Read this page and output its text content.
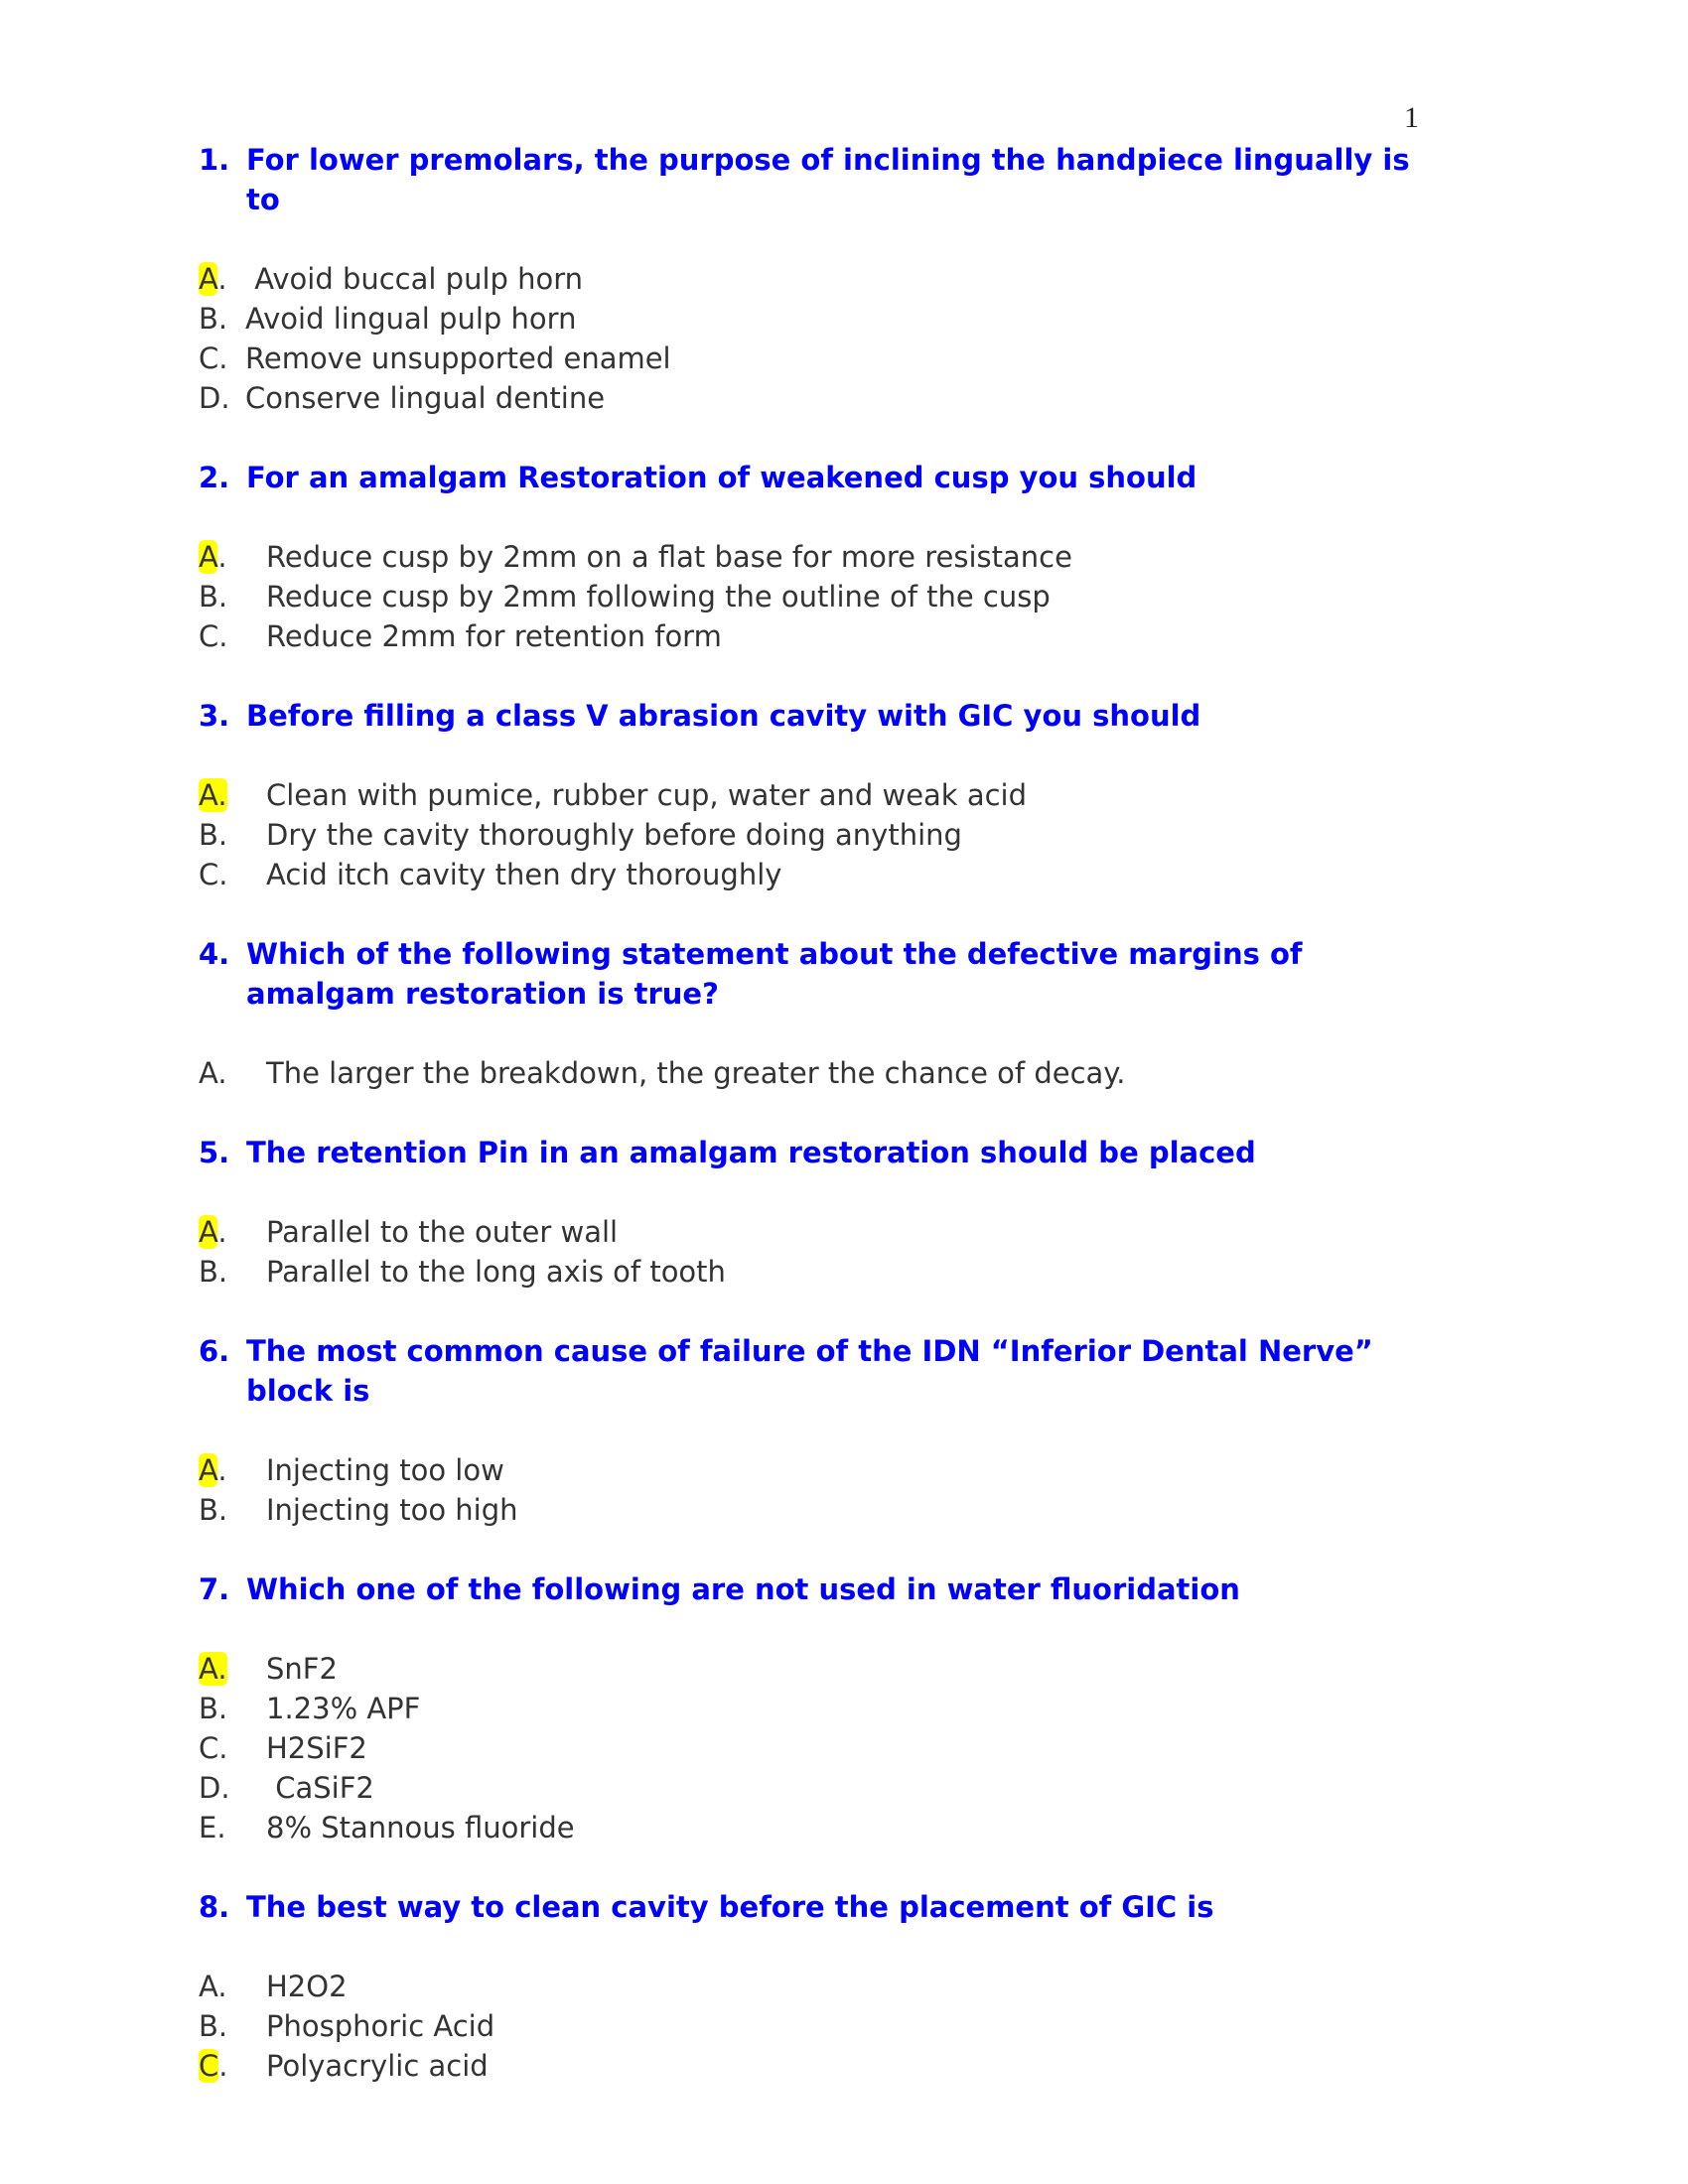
1
1. For lower premolars, the purpose of inclining the handpiece lingually is to
A. Avoid buccal pulp horn
B. Avoid lingual pulp horn
C. Remove unsupported enamel
D. Conserve lingual dentine
2. For an amalgam Restoration of weakened cusp you should
A. Reduce cusp by 2mm on a flat base for more resistance
B. Reduce cusp by 2mm following the outline of the cusp
C. Reduce 2mm for retention form
3. Before filling a class V abrasion cavity with GIC you should
A. Clean with pumice, rubber cup, water and weak acid
B. Dry the cavity thoroughly before doing anything
C. Acid itch cavity then dry thoroughly
4. Which of the following statement about the defective margins of amalgam restoration is true?
A. The larger the breakdown, the greater the chance of decay.
5. The retention Pin in an amalgam restoration should be placed
A. Parallel to the outer wall
B. Parallel to the long axis of tooth
6. The most common cause of failure of the IDN “Inferior Dental Nerve” block is
A. Injecting too low
B. Injecting too high
7. Which one of the following are not used in water fluoridation
A. SnF2
B. 1.23% APF
C. H2SiF2
D. CaSiF2
E. 8% Stannous fluoride
8. The best way to clean cavity before the placement of GIC is
A. H2O2
B. Phosphoric Acid
C. Polyacrylic acid
